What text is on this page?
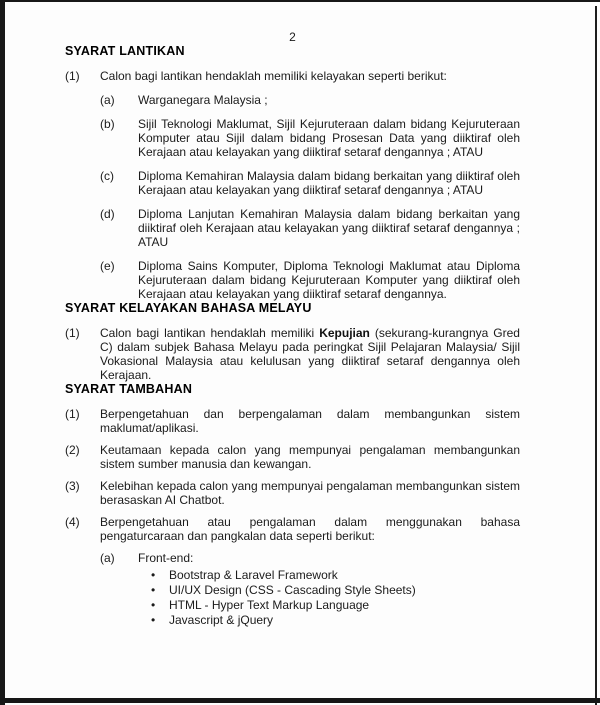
2
SYARAT LANTIKAN
(1)	Calon bagi lantikan hendaklah memiliki kelayakan seperti berikut:
(a)	Warganegara Malaysia ;
(b)	Sijil Teknologi Maklumat, Sijil Kejuruteraan dalam bidang Kejuruteraan Komputer atau Sijil dalam bidang Prosesan Data yang diiktiraf oleh Kerajaan atau kelayakan yang diiktiraf setaraf dengannya ; ATAU
(c)	Diploma Kemahiran Malaysia dalam bidang berkaitan yang diiktiraf oleh Kerajaan atau kelayakan yang diiktiraf setaraf dengannya ; ATAU
(d)	Diploma Lanjutan Kemahiran Malaysia dalam bidang berkaitan yang diiktiraf oleh Kerajaan atau kelayakan yang diiktiraf setaraf dengannya ; ATAU
(e)	Diploma Sains Komputer, Diploma Teknologi Maklumat atau Diploma Kejuruteraan dalam bidang Kejuruteraan Komputer yang diiktiraf oleh Kerajaan atau kelayakan yang diiktiraf setaraf dengannya.
SYARAT KELAYAKAN BAHASA MELAYU
(1)	Calon bagi lantikan hendaklah memiliki Kepujian (sekurang-kurangnya Gred C) dalam subjek Bahasa Melayu pada peringkat Sijil Pelajaran Malaysia/ Sijil Vokasional Malaysia atau kelulusan yang diiktiraf setaraf dengannya oleh Kerajaan.
SYARAT TAMBAHAN
(1)	Berpengetahuan dan berpengalaman dalam membangunkan sistem maklumat/aplikasi.
(2)	Keutamaan kepada calon yang mempunyai pengalaman membangunkan sistem sumber manusia dan kewangan.
(3)	Kelebihan kepada calon yang mempunyai pengalaman membangunkan sistem berasaskan AI Chatbot.
(4)	Berpengetahuan atau pengalaman dalam menggunakan bahasa pengaturcaraan dan pangkalan data seperti berikut:
(a)	Front-end:
• Bootstrap & Laravel Framework
• UI/UX Design (CSS - Cascading Style Sheets)
• HTML - Hyper Text Markup Language
• Javascript & jQuery
